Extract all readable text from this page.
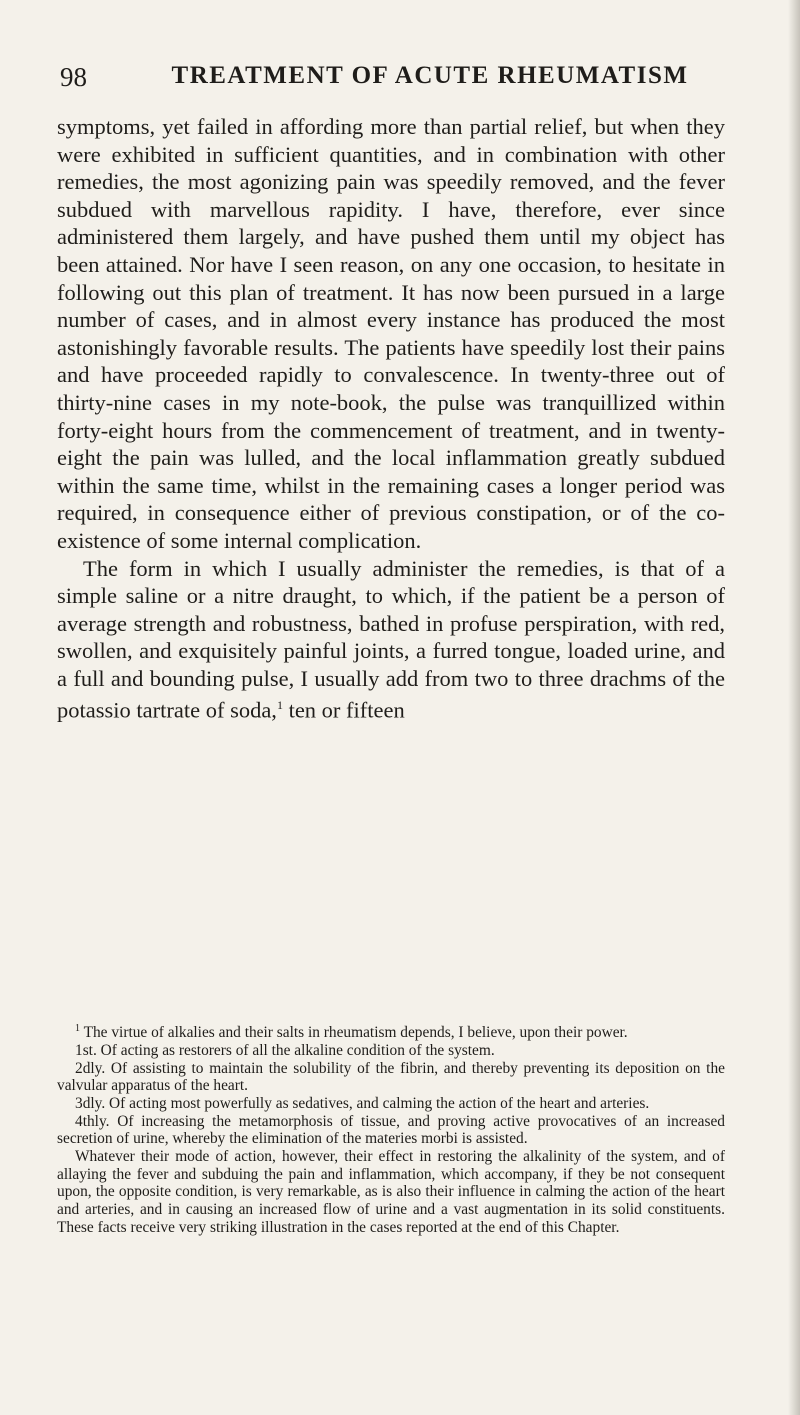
98	TREATMENT OF ACUTE RHEUMATISM

symptoms, yet failed in affording more than partial relief, but when they were exhibited in sufficient quantities, and in combination with other remedies, the most agonizing pain was speedily removed, and the fever subdued with marvellous rapidity. I have, therefore, ever since administered them largely, and have pushed them until my object has been attained. Nor have I seen reason, on any one occasion, to hesitate in following out this plan of treatment. It has now been pursued in a large number of cases, and in almost every instance has produced the most astonishingly favorable results. The patients have speedily lost their pains and have proceeded rapidly to convalescence. In twenty-three out of thirty-nine cases in my note-book, the pulse was tranquillized within forty-eight hours from the commencement of treatment, and in twenty-eight the pain was lulled, and the local inflammation greatly subdued within the same time, whilst in the remaining cases a longer period was required, in consequence either of previous constipation, or of the co-existence of some internal complication.

The form in which I usually administer the remedies, is that of a simple saline or a nitre draught, to which, if the patient be a person of average strength and robustness, bathed in profuse perspiration, with red, swollen, and exquisitely painful joints, a furred tongue, loaded urine, and a full and bounding pulse, I usually add from two to three drachms of the potassio tartrate of soda,$^1$ ten or fifteen

$^1$ The virtue of alkalies and their salts in rheumatism depends, I believe, upon their power.

1st. Of acting as restorers of all the alkaline condition of the system.

2dly. Of assisting to maintain the solubility of the fibrin, and thereby preventing its deposition on the valvular apparatus of the heart.

3dly. Of acting most powerfully as sedatives, and calming the action of the heart and arteries.

4thly. Of increasing the metamorphosis of tissue, and proving active provocatives of an increased secretion of urine, whereby the elimination of the materies morbi is assisted.

Whatever their mode of action, however, their effect in restoring the alkalinity of the system, and of allaying the fever and subduing the pain and inflammation, which accompany, if they be not consequent upon, the opposite condition, is very remarkable, as is also their influence in calming the action of the heart and arteries, and in causing an increased flow of urine and a vast augmentation in its solid constituents. These facts receive very striking illustration in the cases reported at the end of this Chapter.
